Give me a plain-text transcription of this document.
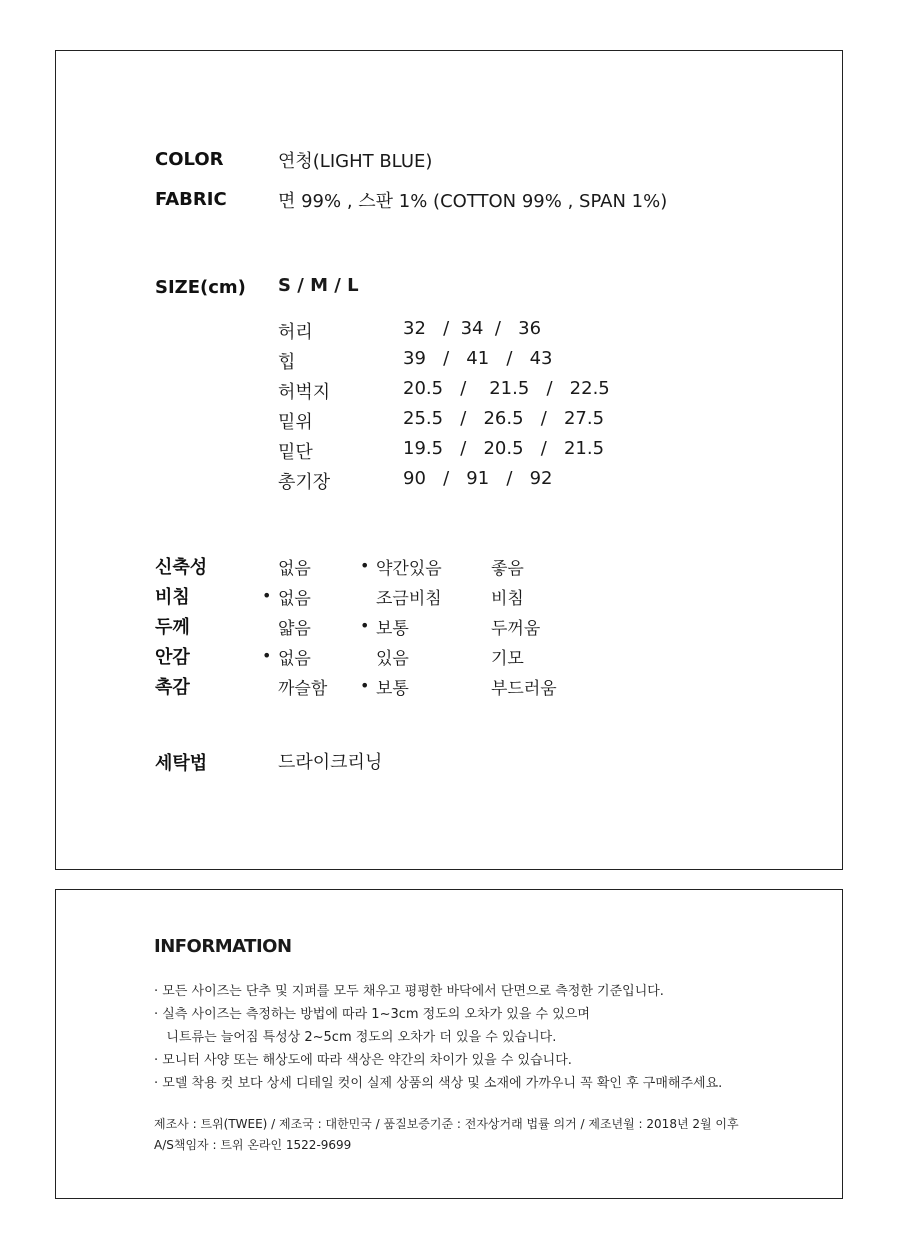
COLOR	연청(LIGHT BLUE)
FABRIC	면 99% , 스판 1% (COTTON 99% , SPAN 1%)
SIZE(cm) S / M / L
허리	32   /  34  /   36
힙	39   /   41   /   43
허벅지	20.5   /    21.5   /   22.5
밑위	25.5   /   26.5   /   27.5
밑단	19.5   /   20.5   /   21.5
총기장	90   /   91   /   92
신축성	없음	• 약간있음	좋음
비침	• 없음	조금비침	비침
두께	얇음	• 보통	두꺼움
안감	• 없음	있음	기모
촉감	까슬함 • 보통	부드러움
세탁법	드라이크리닝
INFORMATION
· 모든 사이즈는 단추 및 지퍼를 모두 채우고 평평한 바닥에서 단면으로 측정한 기준입니다.
· 실측 사이즈는 측정하는 방법에 따라 1~3cm 정도의 오차가 있을 수 있으며
니트류는 늘어짐 특성상 2~5cm 정도의 오차가 더 있을 수 있습니다.
· 모니터 사양 또는 해상도에 따라 색상은 약간의 차이가 있을 수 있습니다.
· 모델 착용 컷 보다 상세 디테일 컷이 실제 상품의 색상 및 소재에 가까우니 꼭 확인 후 구매해주세요.
제조사 : 트위(TWEE) / 제조국 : 대한민국 / 품질보증기준 : 전자상거래 법률 의거 / 제조년월 : 2018년 2월 이후
A/S책임자 : 트위 온라인 1522-9699
